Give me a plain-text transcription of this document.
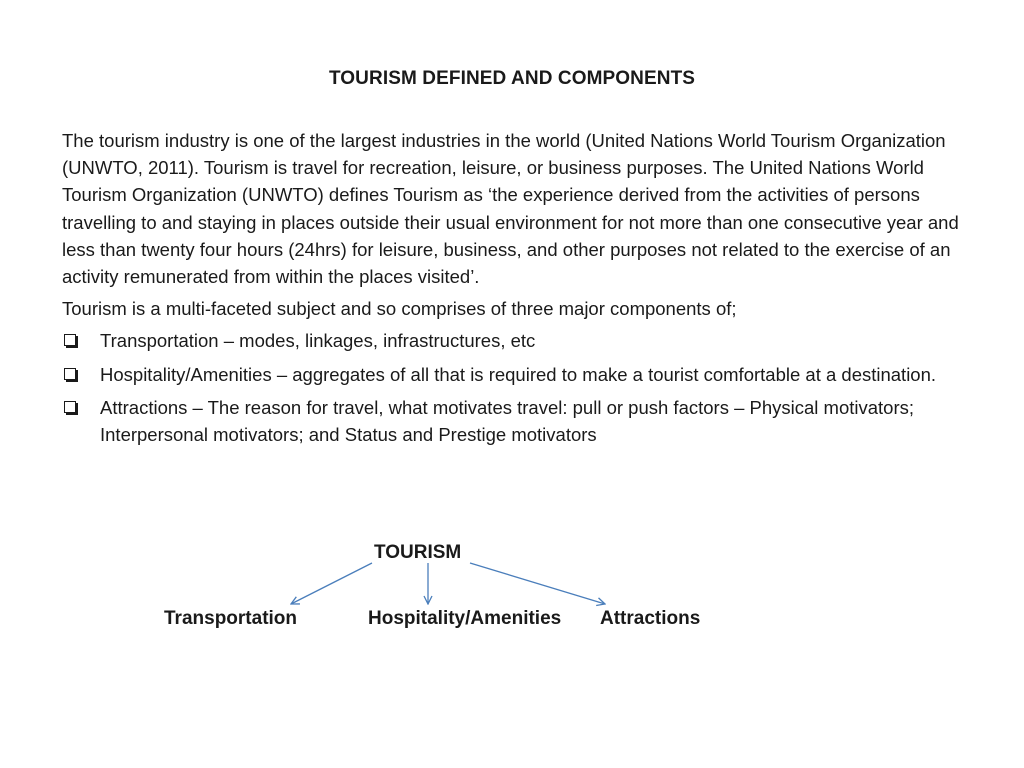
TOURISM DEFINED AND COMPONENTS

The tourism industry is one of the largest industries in the world (United Nations World Tourism Organization (UNWTO, 2011). Tourism is travel for recreation, leisure, or business purposes. The United Nations World Tourism Organization (UNWTO) defines Tourism as ‘the experience derived from the activities of persons travelling to and staying in places outside their usual environment for not more than one consecutive year and less than twenty four hours (24hrs) for leisure, business, and other purposes not related to the exercise of an activity remunerated from within the places visited’.

Tourism is a multi-faceted subject and so comprises of three major components of;

Transportation – modes, linkages, infrastructures, etc
Hospitality/Amenities – aggregates of all that is required to make a tourist comfortable at a destination.
Attractions – The reason for travel, what motivates travel: pull or push factors – Physical motivators; Interpersonal motivators; and Status and Prestige motivators
TOURISM
Transportation	Hospitality/Amenities Attractions
